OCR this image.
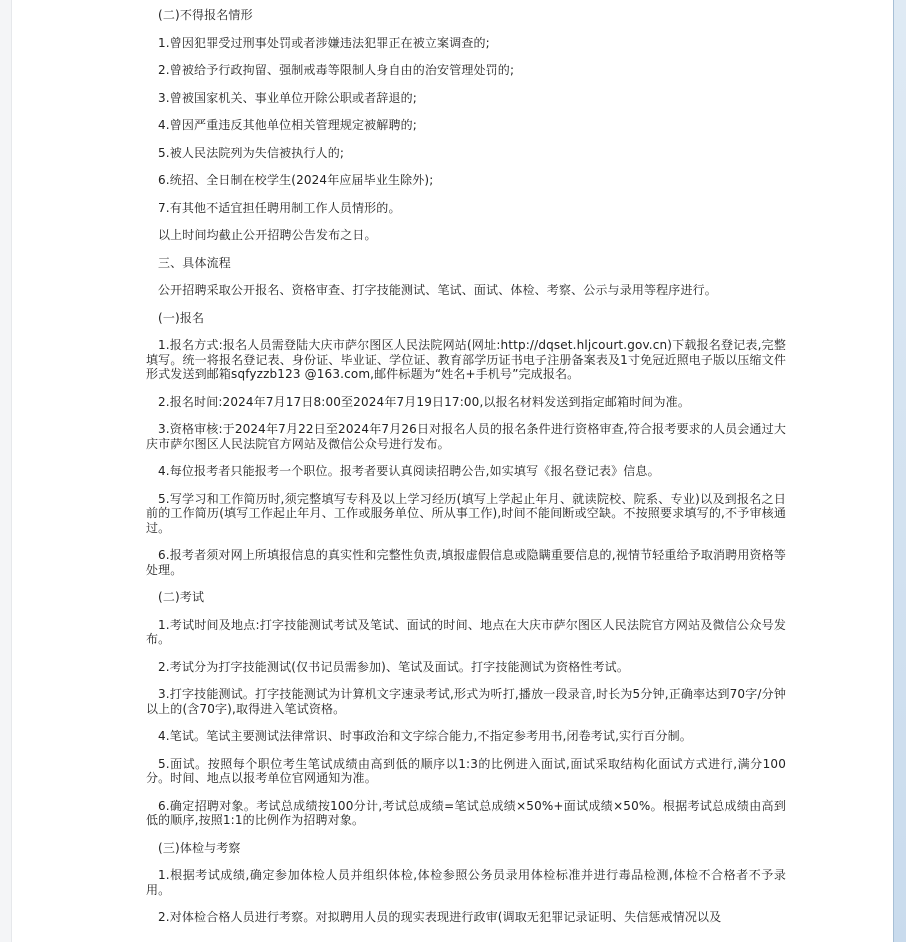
(二)不得报名情形

1.曾因犯罪受过刑事处罚或者涉嫌违法犯罪正在被立案调查的;

2.曾被给予行政拘留、强制戒毒等限制人身自由的治安管理处罚的;

3.曾被国家机关、事业单位开除公职或者辞退的;

4.曾因严重违反其他单位相关管理规定被解聘的;

5.被人民法院列为失信被执行人的;

6.统招、全日制在校学生(2024年应届毕业生除外);

7.有其他不适宜担任聘用制工作人员情形的。

以上时间均截止公开招聘公告发布之日。

三、具体流程

公开招聘采取公开报名、资格审查、打字技能测试、笔试、面试、体检、考察、公示与录用等程序进行。

(一)报名

1.报名方式:报名人员需登陆大庆市萨尔图区人民法院网站(网址:http://dqset.hljcourt.gov.cn)下载报名登记表,完整填写。统一将报名登记表、身份证、毕业证、学位证、教育部学历证书电子注册备案表及1寸免冠近照电子版以压缩文件形式发送到邮箱sqfyzzb123 @163.com,邮件标题为“姓名+手机号”完成报名。

2.报名时间:2024年7月17日8:00至2024年7月19日17:00,以报名材料发送到指定邮箱时间为准。

3.资格审核:于2024年7月22日至2024年7月26日对报名人员的报名条件进行资格审查,符合报考要求的人员会通过大庆市萨尔图区人民法院官方网站及微信公众号进行发布。

4.每位报考者只能报考一个职位。报考者要认真阅读招聘公告,如实填写《报名登记表》信息。

5.写学习和工作简历时,须完整填写专科及以上学习经历(填写上学起止年月、就读院校、院系、专业)以及到报名之日前的工作简历(填写工作起止年月、工作或服务单位、所从事工作),时间不能间断或空缺。不按照要求填写的,不予审核通过。

6.报考者须对网上所填报信息的真实性和完整性负责,填报虚假信息或隐瞒重要信息的,视情节轻重给予取消聘用资格等处理。

(二)考试

1.考试时间及地点:打字技能测试考试及笔试、面试的时间、地点在大庆市萨尔图区人民法院官方网站及微信公众号发布。

2.考试分为打字技能测试(仅书记员需参加)、笔试及面试。打字技能测试为资格性考试。

3.打字技能测试。打字技能测试为计算机文字速录考试,形式为听打,播放一段录音,时长为5分钟,正确率达到70字/分钟以上的(含70字),取得进入笔试资格。

4.笔试。笔试主要测试法律常识、时事政治和文字综合能力,不指定参考用书,闭卷考试,实行百分制。

5.面试。按照每个职位考生笔试成绩由高到低的顺序以1:3的比例进入面试,面试采取结构化面试方式进行,满分100分。时间、地点以报考单位官网通知为准。

6.确定招聘对象。考试总成绩按100分计,考试总成绩=笔试总成绩×50%+面试成绩×50%。根据考试总成绩由高到低的顺序,按照1:1的比例作为招聘对象。

(三)体检与考察

1.根据考试成绩,确定参加体检人员并组织体检,体检参照公务员录用体检标准并进行毒品检测,体检不合格者不予录用。

2.对体检合格人员进行考察。对拟聘用人员的现实表现进行政审(调取无犯罪记录证明、失信惩戒情况以及
